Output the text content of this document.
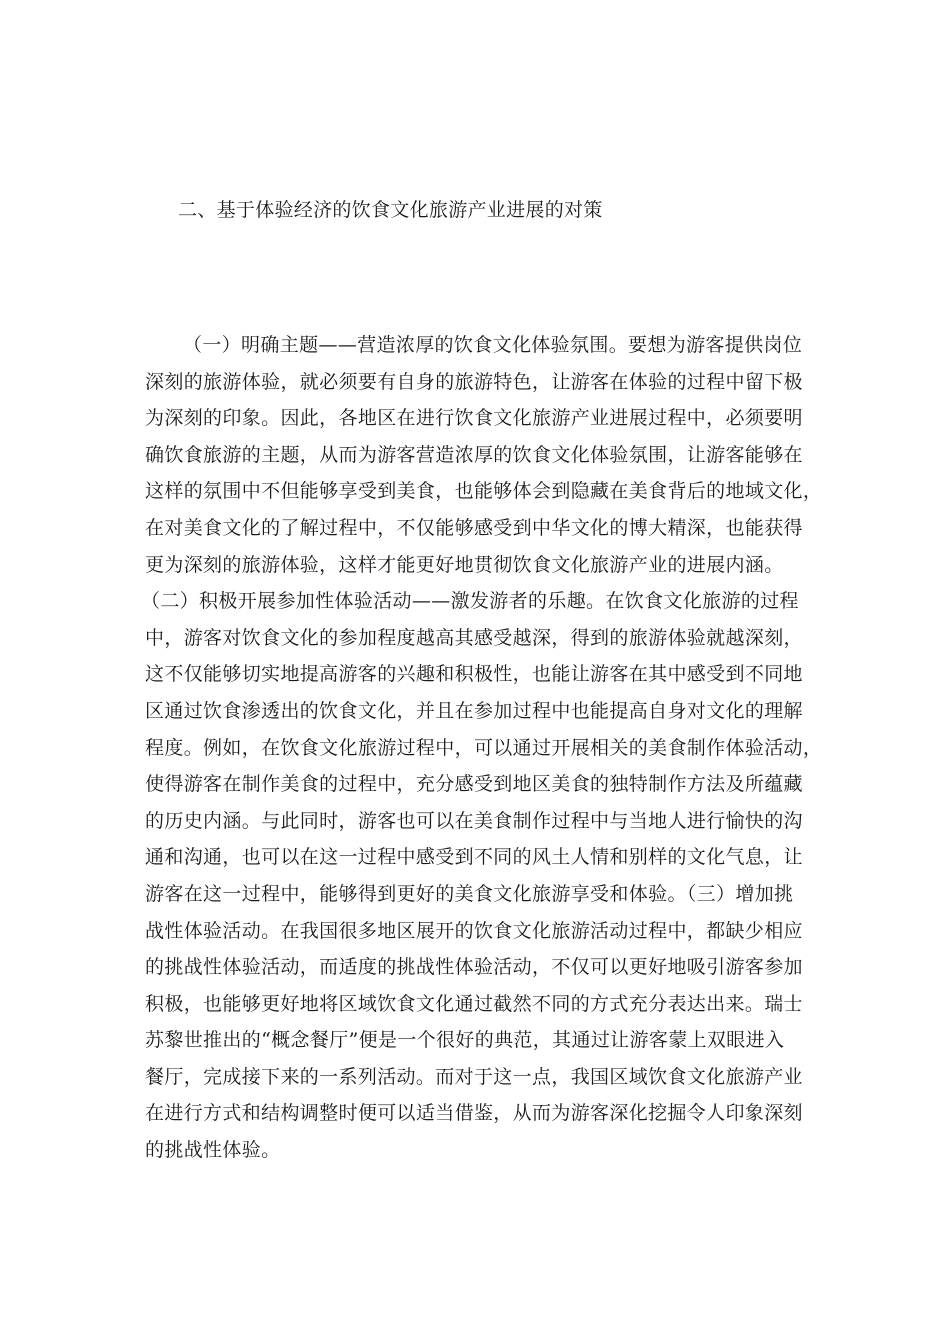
二、基于体验经济的饮食文化旅游产业进展的对策
（一）明确主题——营造浓厚的饮食文化体验氛围。要想为游客提供岗位
深刻的旅游体验，就必须要有自身的旅游特色，让游客在体验的过程中留下极
为深刻的印象。因此，各地区在进行饮食文化旅游产业进展过程中，必须要明
确饮食旅游的主题，从而为游客营造浓厚的饮食文化体验氛围，让游客能够在
这样的氛围中不但能够享受到美食，也能够体会到隐藏在美食背后的地域文化，
在对美食文化的了解过程中，不仅能够感受到中华文化的博大精深，也能获得
更为深刻的旅游体验，这样才能更好地贯彻饮食文化旅游产业的进展内涵。
（二）积极开展参加性体验活动——激发游者的乐趣。在饮食文化旅游的过程
中，游客对饮食文化的参加程度越高其感受越深，得到的旅游体验就越深刻，
这不仅能够切实地提高游客的兴趣和积极性，也能让游客在其中感受到不同地
区通过饮食渗透出的饮食文化，并且在参加过程中也能提高自身对文化的理解
程度。例如，在饮食文化旅游过程中，可以通过开展相关的美食制作体验活动，
使得游客在制作美食的过程中，充分感受到地区美食的独特制作方法及所蕴藏
的历史内涵。与此同时，游客也可以在美食制作过程中与当地人进行愉快的沟
通和沟通，也可以在这一过程中感受到不同的风土人情和别样的文化气息，让
游客在这一过程中，能够得到更好的美食文化旅游享受和体验。（三）增加挑
战性体验活动。在我国很多地区展开的饮食文化旅游活动过程中，都缺少相应
的挑战性体验活动，而适度的挑战性体验活动，不仅可以更好地吸引游客参加
积极，也能够更好地将区域饮食文化通过截然不同的方式充分表达出来。瑞士
苏黎世推出的“概念餐厅”便是一个很好的典范，其通过让游客蒙上双眼进入
餐厅，完成接下来的一系列活动。而对于这一点，我国区域饮食文化旅游产业
在进行方式和结构调整时便可以适当借鉴，从而为游客深化挖掘令人印象深刻
的挑战性体验。
